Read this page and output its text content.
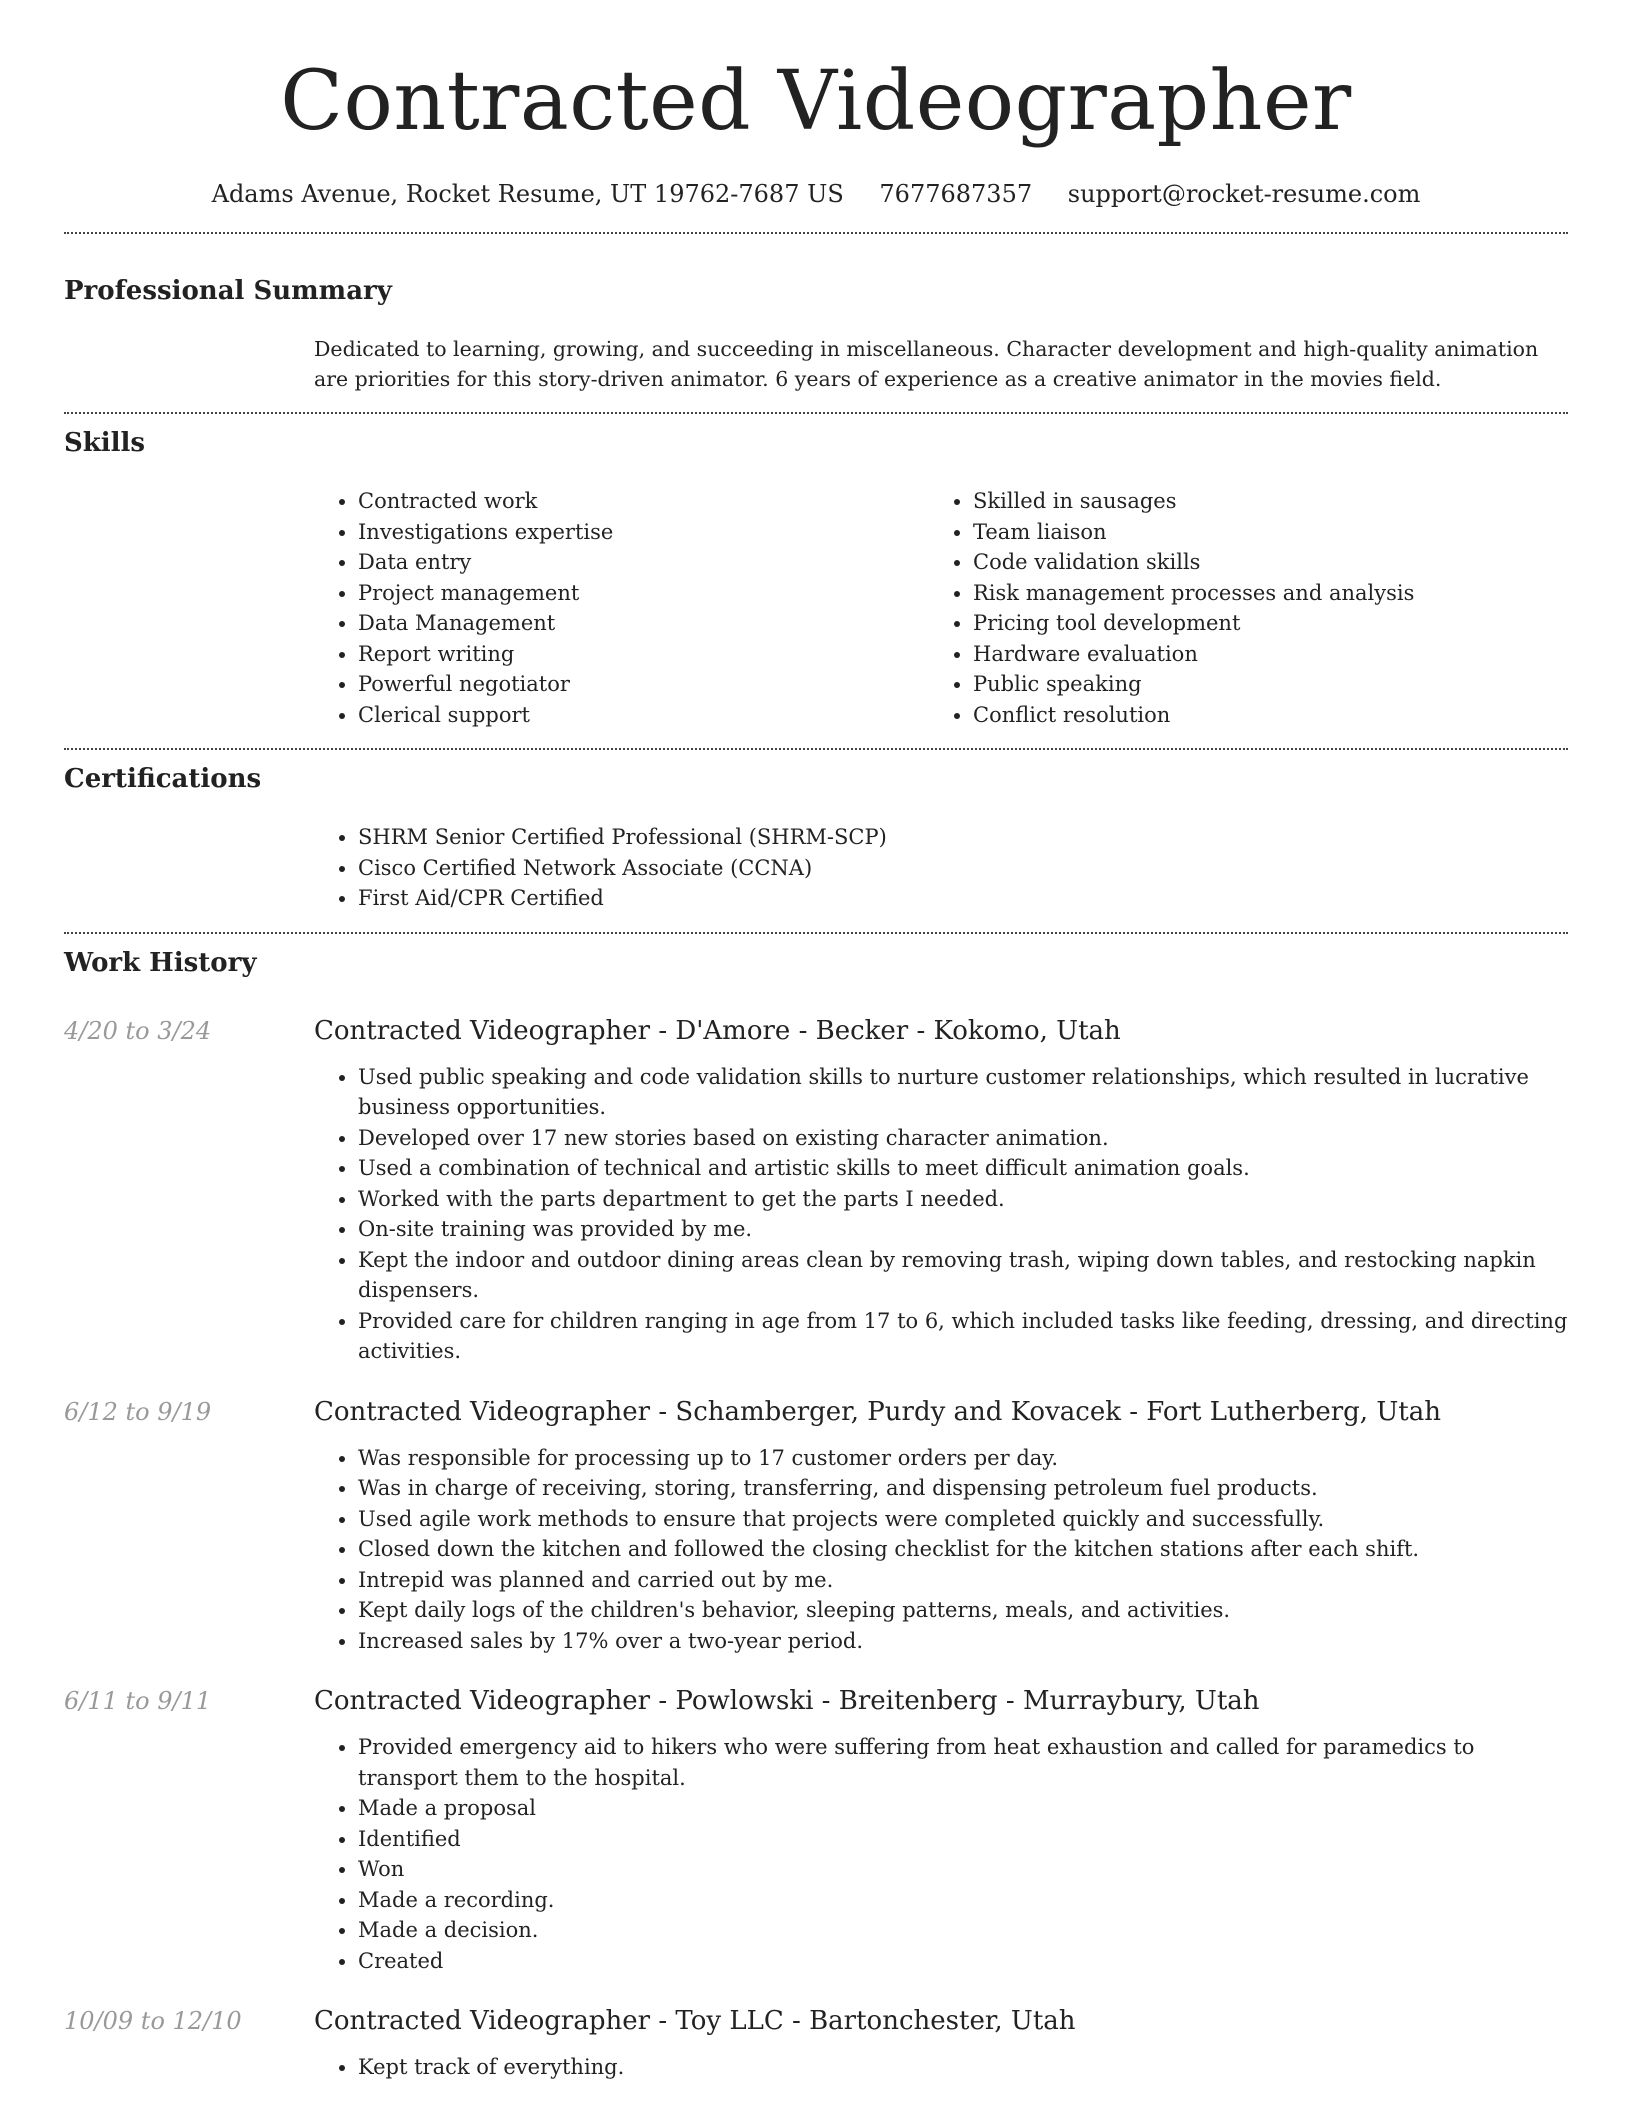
Contracted Videographer
Adams Avenue, Rocket Resume, UT 19762-7687 US 7677687357 support@rocket-resume.com
Professional Summary

Dedicated to learning, growing, and succeeding in miscellaneous. Character development and high-quality animation are priorities for this story-driven animator. 6 years of experience as a creative animator in the movies field.

Skills
• Contracted work
• Investigations expertise
• Data entry
• Project management
• Data Management
• Report writing
• Powerful negotiator
• Clerical support
• Skilled in sausages
• Team liaison
• Code validation skills
• Risk management processes and analysis
• Pricing tool development
• Hardware evaluation
• Public speaking
• Conflict resolution
Certifications
• SHRM Senior Certified Professional (SHRM-SCP)
• Cisco Certified Network Associate (CCNA)
• First Aid/CPR Certified
Work History
4/20 to 3/24	Contracted Videographer - D'Amore - Becker - Kokomo, Utah
• Used public speaking and code validation skills to nurture customer relationships, which resulted in lucrative business opportunities.
• Developed over 17 new stories based on existing character animation.
• Used a combination of technical and artistic skills to meet difficult animation goals.
• Worked with the parts department to get the parts I needed.
• On-site training was provided by me.
• Kept the indoor and outdoor dining areas clean by removing trash, wiping down tables, and restocking napkin dispensers.
• Provided care for children ranging in age from 17 to 6, which included tasks like feeding, dressing, and directing activities.
6/12 to 9/19	Contracted Videographer - Schamberger, Purdy and Kovacek - Fort Lutherberg, Utah
• Was responsible for processing up to 17 customer orders per day.
• Was in charge of receiving, storing, transferring, and dispensing petroleum fuel products.
• Used agile work methods to ensure that projects were completed quickly and successfully.
• Closed down the kitchen and followed the closing checklist for the kitchen stations after each shift.
• Intrepid was planned and carried out by me.
• Kept daily logs of the children's behavior, sleeping patterns, meals, and activities.
• Increased sales by 17% over a two-year period.
6/11 to 9/11	Contracted Videographer - Powlowski - Breitenberg - Murraybury, Utah
• Provided emergency aid to hikers who were suffering from heat exhaustion and called for paramedics to transport them to the hospital.
• Made a proposal
• Identified
• Won
• Made a recording.
• Made a decision.
• Created
10/09 to 12/10	Contracted Videographer - Toy LLC - Bartonchester, Utah
• Kept track of everything.
